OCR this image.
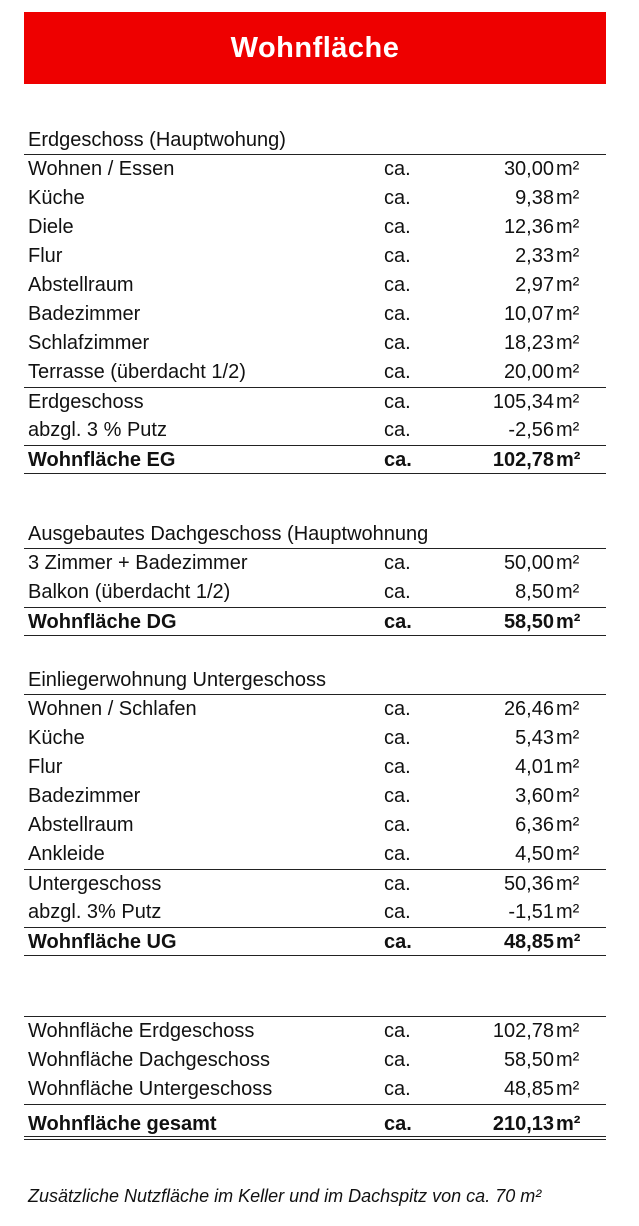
Wohnfläche
Erdgeschoss (Hauptwohung)
Wohnen / Essen	ca.	30,00 m²
Küche	ca.	9,38 m²
Diele	ca.	12,36 m²
Flur	ca.	2,33 m²
Abstellraum	ca.	2,97 m²
Badezimmer	ca.	10,07 m²
Schlafzimmer	ca.	18,23 m²
Terrasse (überdacht 1/2)	ca.	20,00 m²
Erdgeschoss	ca.	105,34 m²
abzgl. 3 % Putz	ca.	-2,56 m²
Wohnfläche EG	ca.	102,78 m²
Ausgebautes Dachgeschoss (Hauptwohnung
3 Zimmer + Badezimmer	ca.	50,00 m²
Balkon (überdacht 1/2)	ca.	8,50 m²
Wohnfläche DG	ca.	58,50 m²
Einliegerwohnung Untergeschoss
Wohnen / Schlafen	ca.	26,46 m²
Küche	ca.	5,43 m²
Flur	ca.	4,01 m²
Badezimmer	ca.	3,60 m²
Abstellraum	ca.	6,36 m²
Ankleide	ca.	4,50 m²
Untergeschoss	ca.	50,36 m²
abzgl. 3% Putz	ca.	-1,51 m²
Wohnfläche UG	ca.	48,85 m²
Wohnfläche Erdgeschoss	ca.	102,78 m²
Wohnfläche Dachgeschoss	ca.	58,50 m²
Wohnfläche Untergeschoss	ca.	48,85 m²
Wohnfläche gesamt	ca.	210,13 m²
Zusätzliche Nutzfläche im Keller und im Dachspitz von ca. 70 m²
